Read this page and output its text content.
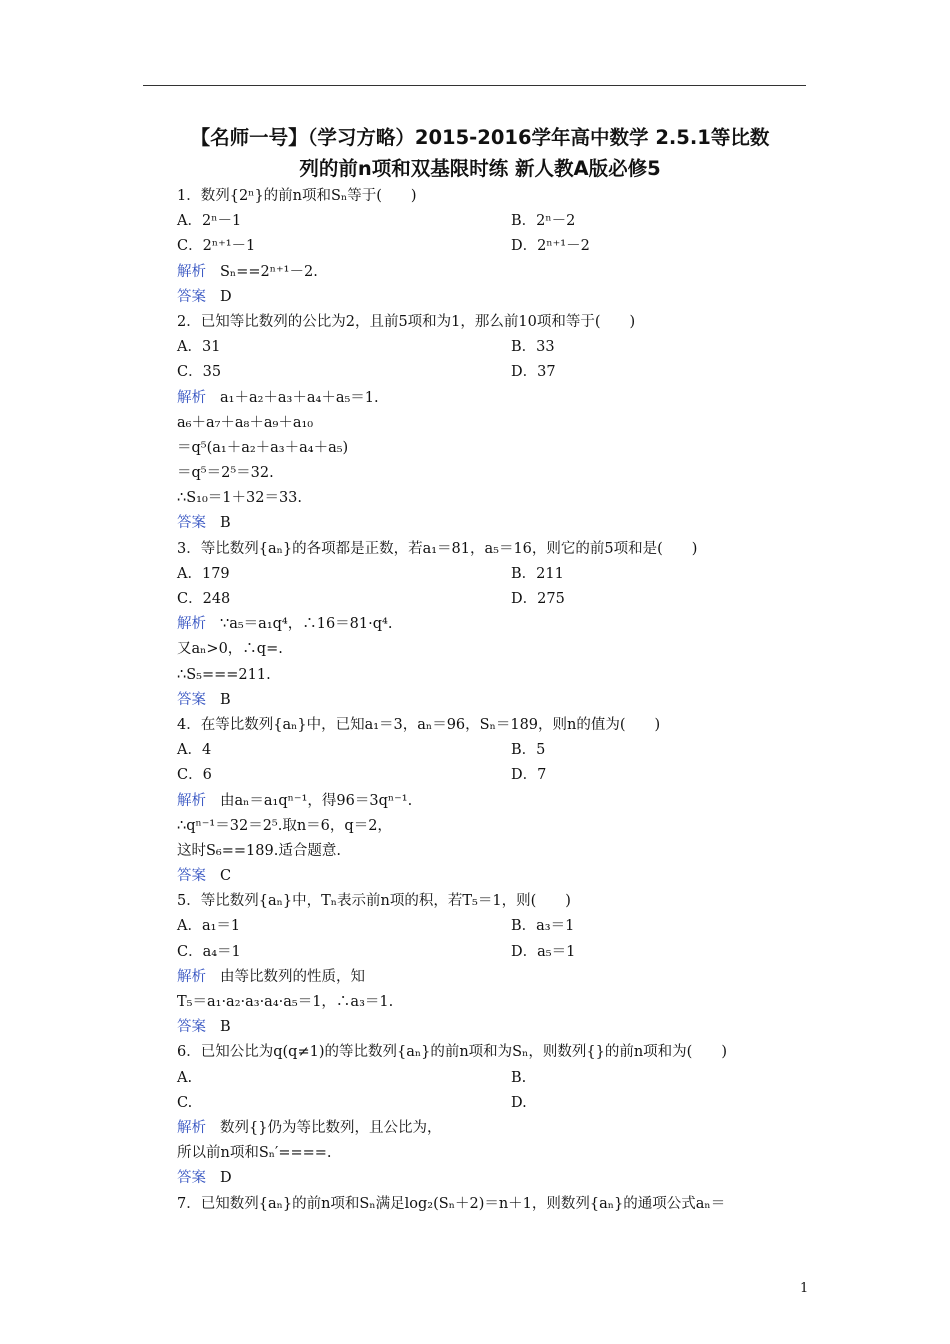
【名师一号】（学习方略）2015-2016学年高中数学 2.5.1等比数
列的前n项和双基限时练 新人教A版必修5
1．数列{2ⁿ}的前n项和Sₙ等于(　　)
A．2ⁿ－1	B．2ⁿ－2
C．2ⁿ⁺¹－1	D．2ⁿ⁺¹－2
解析 Sₙ==2ⁿ⁺¹－2.
答案 D
2．已知等比数列的公比为2，且前5项和为1，那么前10项和等于(　　)
A．31	B．33
C．35	D．37
解析 a₁＋a₂＋a₃＋a₄＋a₅＝1.
a₆＋a₇＋a₈＋a₉＋a₁₀
＝q⁵(a₁＋a₂＋a₃＋a₄＋a₅)
＝q⁵＝2⁵＝32.
∴S₁₀＝1＋32＝33.
答案 B
3．等比数列{aₙ}的各项都是正数，若a₁＝81，a₅＝16，则它的前5项和是(　　)
A．179	B．211
C．248	D．275
解析 ∵a₅＝a₁q⁴，∴16＝81·q⁴.
又aₙ>0，∴q=.
∴S₅===211.
答案 B
4．在等比数列{aₙ}中，已知a₁＝3，aₙ＝96，Sₙ＝189，则n的值为(　　)
A．4	B．5
C．6	D．7
解析 由aₙ＝a₁qⁿ⁻¹，得96＝3qⁿ⁻¹.
∴qⁿ⁻¹＝32＝2⁵.取n＝6，q＝2，
这时S₆==189.适合题意.
答案 C
5．等比数列{aₙ}中，Tₙ表示前n项的积，若T₅＝1，则(　　)
A．a₁＝1	B．a₃＝1
C．a₄＝1	D．a₅＝1
解析 由等比数列的性质，知
T₅＝a₁·a₂·a₃·a₄·a₅＝1，∴a₃＝1.
答案 B
6．已知公比为q(q≠1)的等比数列{aₙ}的前n项和为Sₙ，则数列{}的前n项和为(　　)
A.	B.
C.	D.
解析 数列{}仍为等比数列，且公比为，
所以前n项和Sₙ′====.
答案 D
7．已知数列{aₙ}的前n项和Sₙ满足log₂(Sₙ＋2)＝n＋1，则数列{aₙ}的通项公式aₙ＝
1
